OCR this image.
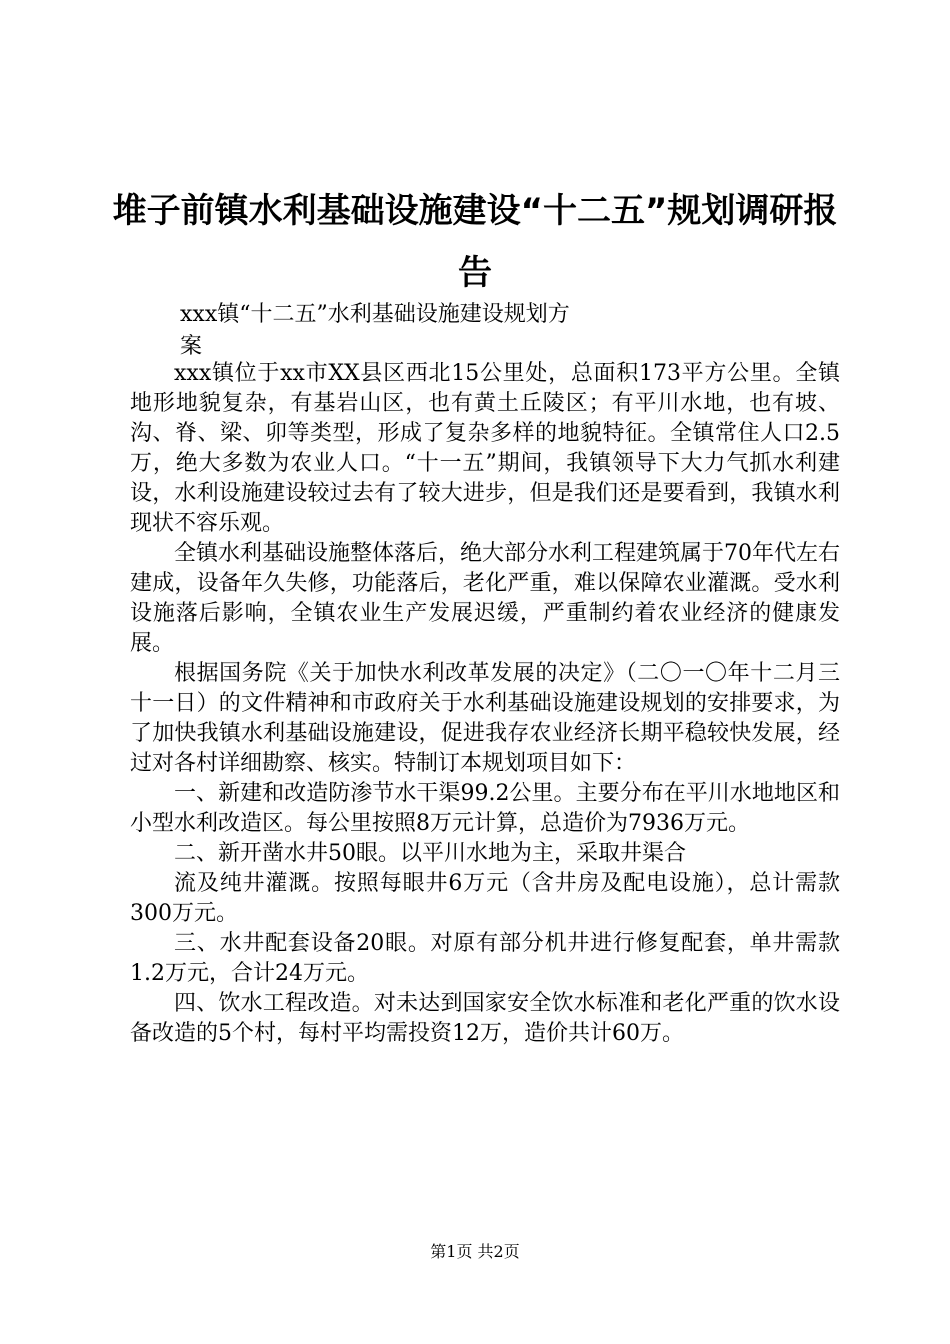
堆子前镇水利基础设施建设“十二五”规划调研报告
xxx镇“十二五”水利基础设施建设规划方
案

xxx镇位于xx市XX县区西北15公里处，总面积173平方公里。全镇地形地貌复杂，有基岩山区，也有黄土丘陵区；有平川水地，也有坡、沟、脊、梁、卯等类型，形成了复杂多样的地貌特征。全镇常住人口2.5万，绝大多数为农业人口。“十一五”期间，我镇领导下大力气抓水利建设，水利设施建设较过去有了较大进步，但是我们还是要看到，我镇水利现状不容乐观。

全镇水利基础设施整体落后，绝大部分水利工程建筑属于70年代左右建成，设备年久失修，功能落后，老化严重，难以保障农业灌溉。受水利设施落后影响，全镇农业生产发展迟缓，严重制约着农业经济的健康发展。

根据国务院《关于加快水利改革发展的决定》（二〇一〇年十二月三十一日）的文件精神和市政府关于水利基础设施建设规划的安排要求，为了加快我镇水利基础设施建设，促进我存农业经济长期平稳较快发展，经过对各村详细勘察、核实。特制订本规划项目如下：

一、新建和改造防渗节水干渠99.2公里。主要分布在平川水地地区和小型水利改造区。每公里按照8万元计算，总造价为7936万元。

二、新开凿水井50眼。以平川水地为主，采取井渠合

流及纯井灌溉。按照每眼井6万元（含井房及配电设施），总计需款300万元。

三、水井配套设备20眼。对原有部分机井进行修复配套，单井需款1.2万元，合计24万元。

四、饮水工程改造。对未达到国家安全饮水标准和老化严重的饮水设备改造的5个村，每村平均需投资12万，造价共计60万。

第1页 共2页
